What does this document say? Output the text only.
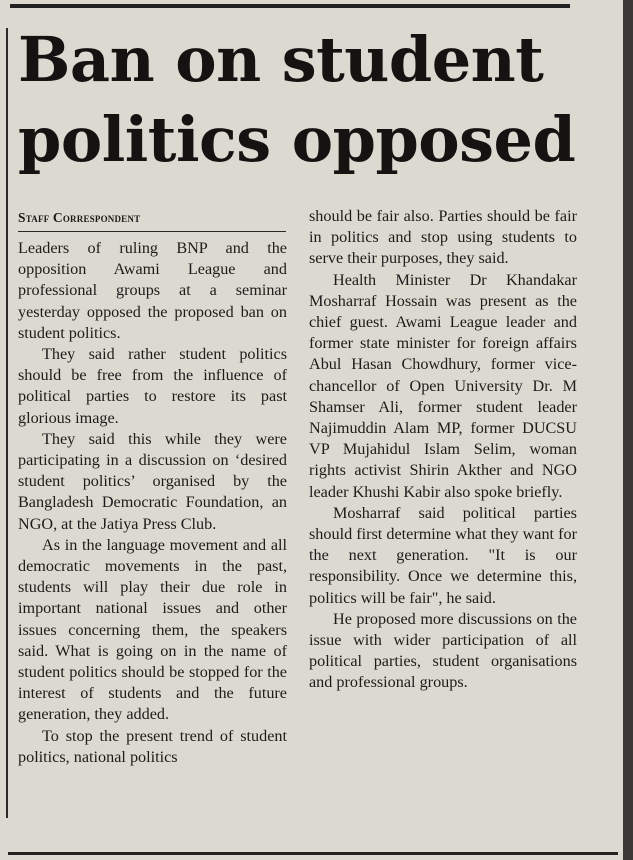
Ban on student politics opposed
Staff Correspondent

Leaders of ruling BNP and the opposition Awami League and professional groups at a seminar yesterday opposed the proposed ban on student politics.

They said rather student politics should be free from the influence of political parties to restore its past glorious image.

They said this while they were participating in a discussion on ‘desired student politics’ organised by the Bangladesh Democratic Foundation, an NGO, at the Jatiya Press Club.

As in the language movement and all democratic movements in the past, students will play their due role in important national issues and other issues concerning them, the speakers said. What is going on in the name of student politics should be stopped for the interest of students and the future generation, they added.

To stop the present trend of student politics, national politics

should be fair also. Parties should be fair in politics and stop using students to serve their purposes, they said.

Health Minister Dr Khandakar Mosharraf Hossain was present as the chief guest. Awami League leader and former state minister for foreign affairs Abul Hasan Chowdhury, former vice-chancellor of Open University Dr. M Shamser Ali, former student leader Najimuddin Alam MP, former DUCSU VP Mujahidul Islam Selim, woman rights activist Shirin Akther and NGO leader Khushi Kabir also spoke briefly.

Mosharraf said political parties should first determine what they want for the next generation. "It is our responsibility. Once we determine this, politics will be fair", he said.

He proposed more discussions on the issue with wider participation of all political parties, student organisations and professional groups.
